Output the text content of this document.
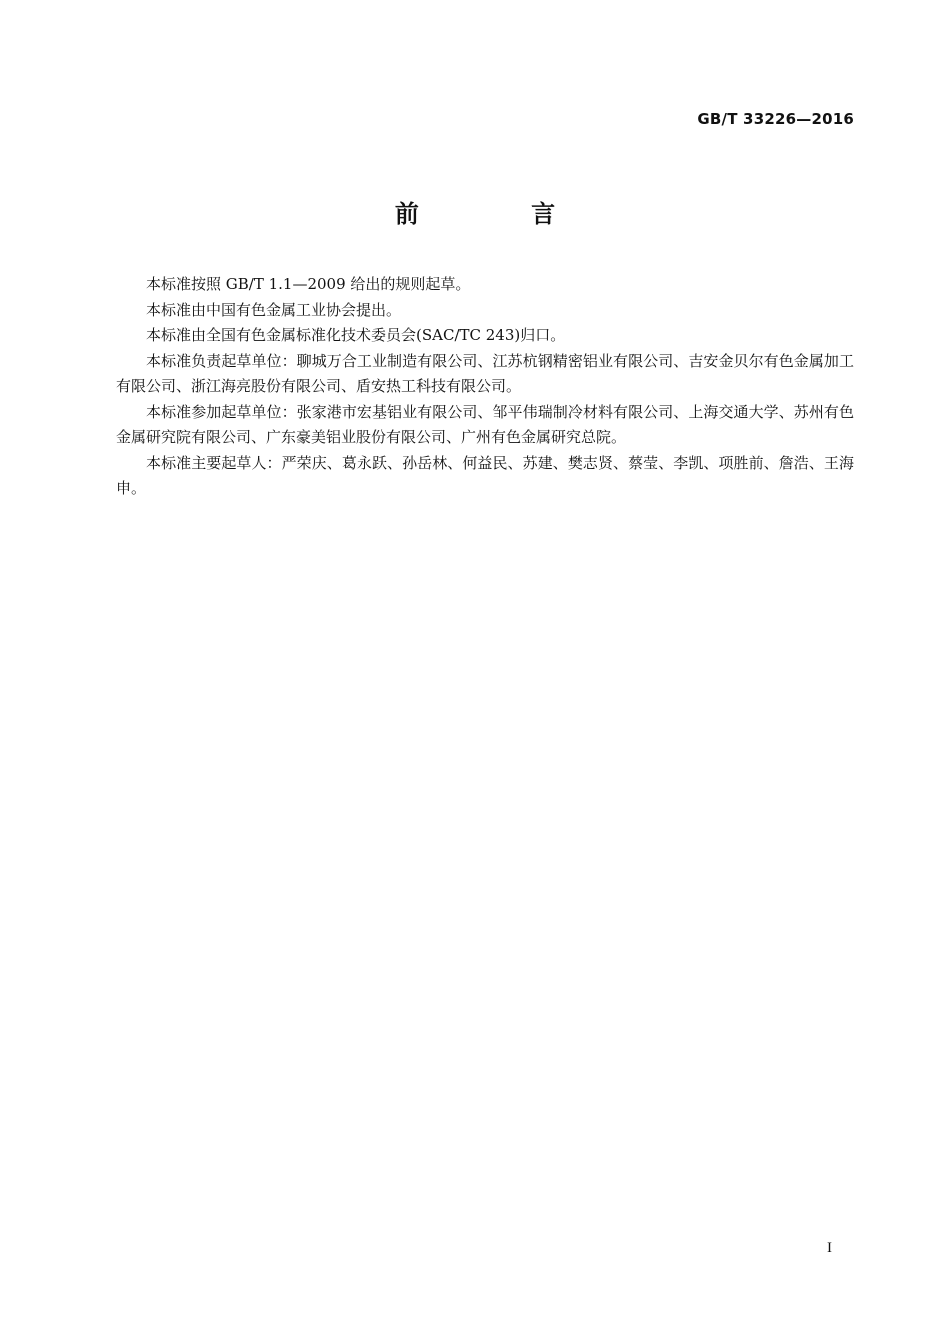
GB/T 33226—2016
前 言

本标准按照 GB/T 1.1—2009 给出的规则起草。

本标准由中国有色金属工业协会提出。

本标准由全国有色金属标准化技术委员会(SAC/TC 243)归口。

本标准负责起草单位：聊城万合工业制造有限公司、江苏杭钢精密铝业有限公司、吉安金贝尔有色金属加工有限公司、浙江海亮股份有限公司、盾安热工科技有限公司。

本标准参加起草单位：张家港市宏基铝业有限公司、邹平伟瑞制冷材料有限公司、上海交通大学、苏州有色金属研究院有限公司、广东豪美铝业股份有限公司、广州有色金属研究总院。

本标准主要起草人：严荣庆、葛永跃、孙岳林、何益民、苏建、樊志贤、蔡莹、李凯、项胜前、詹浩、王海申。

I
